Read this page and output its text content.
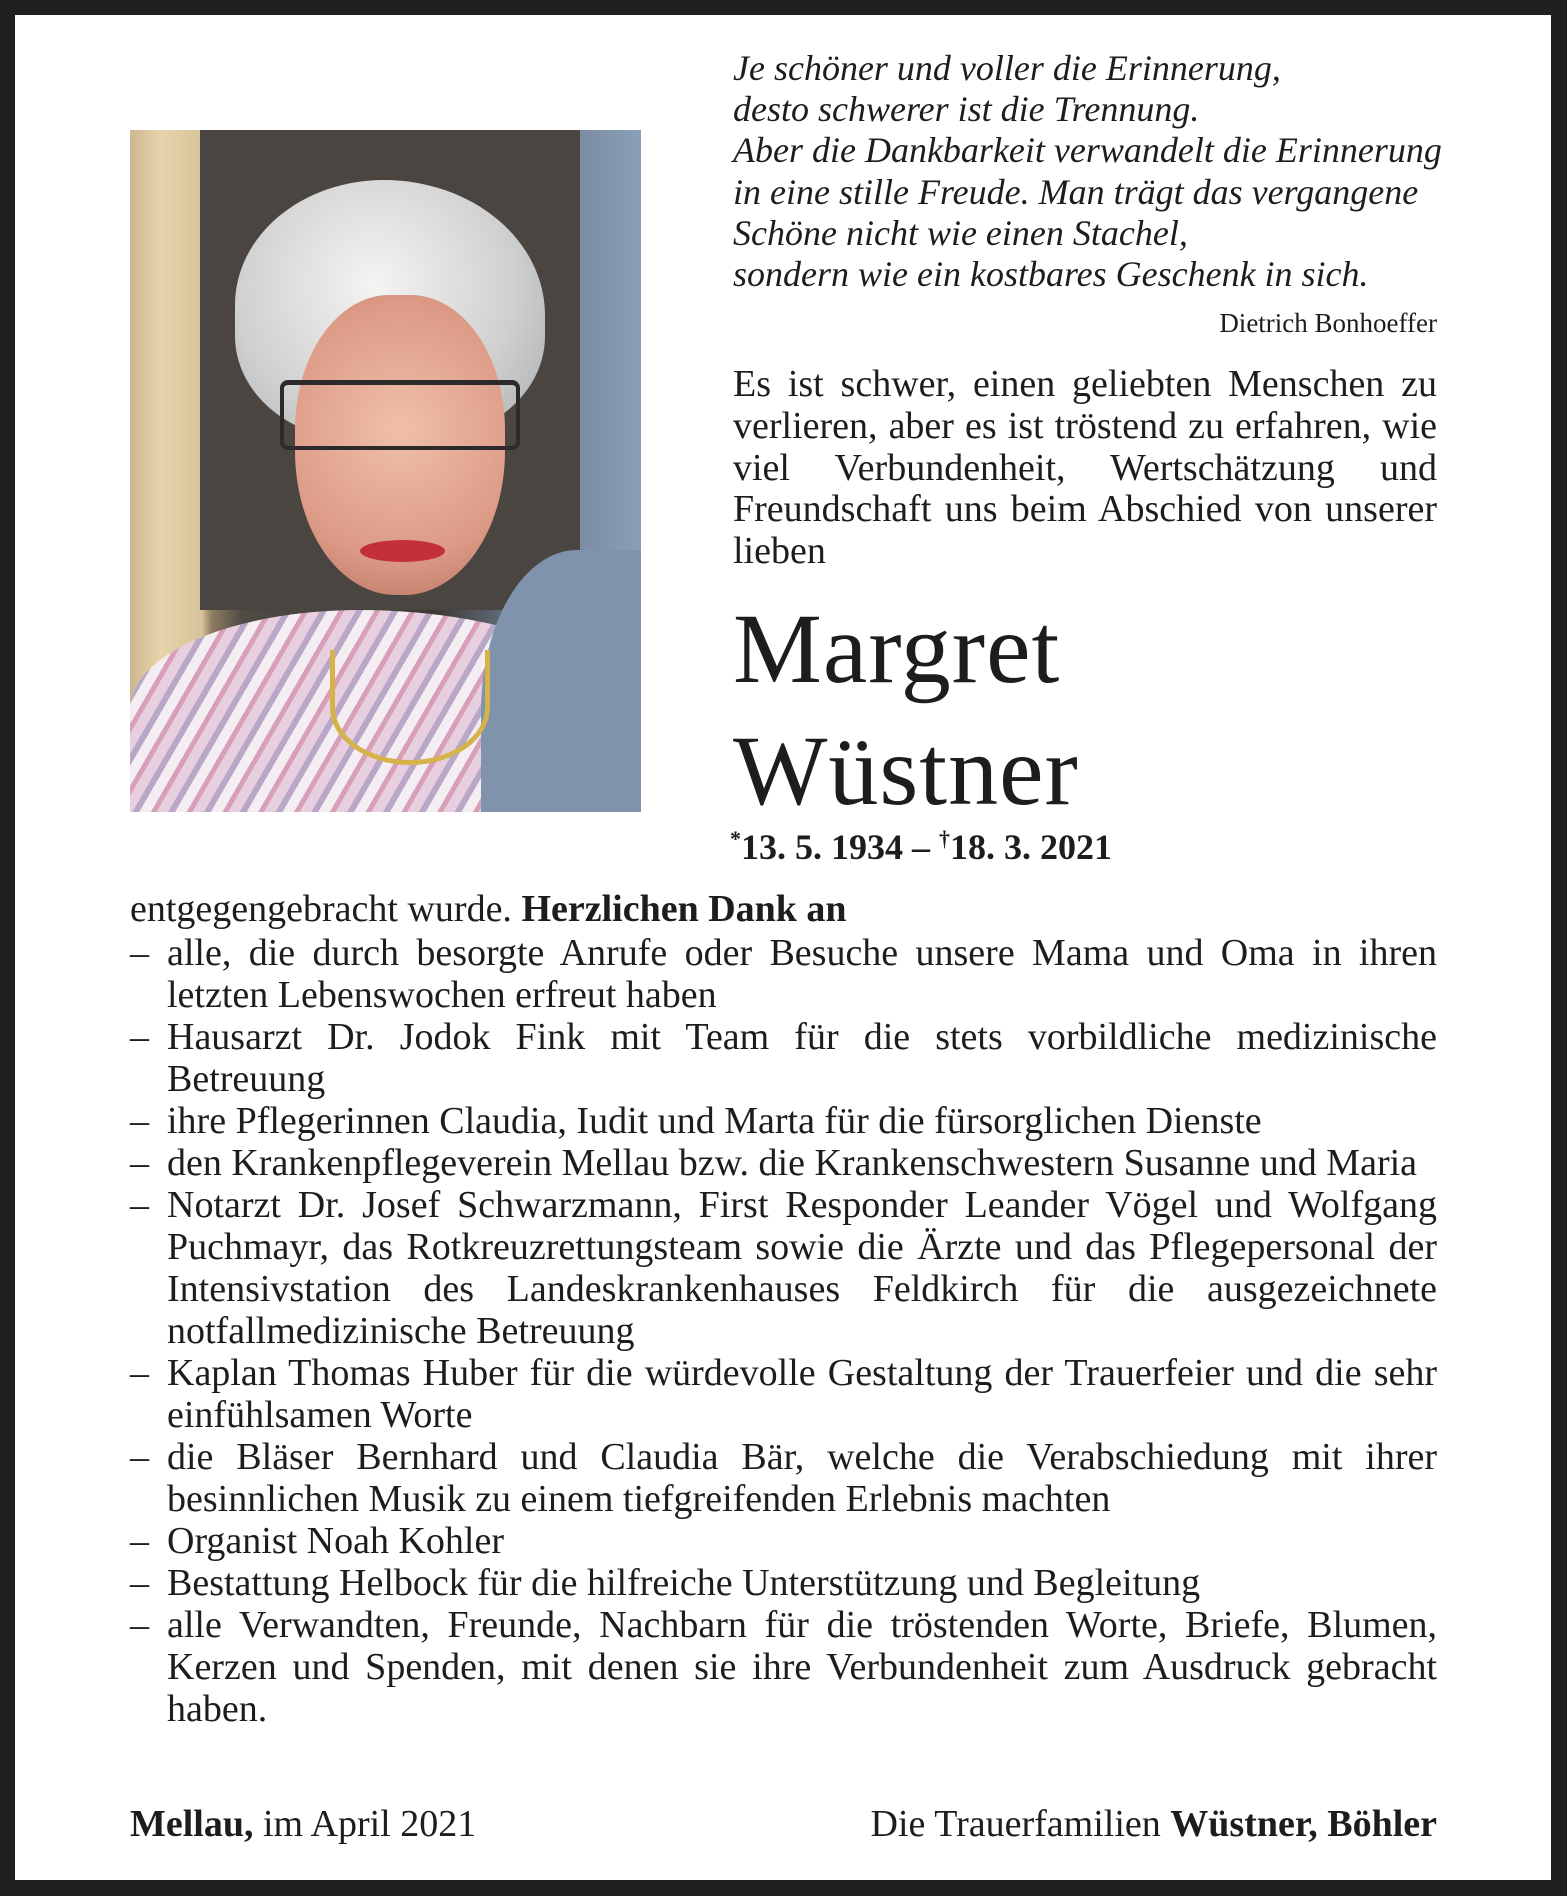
Je schöner und voller die Erinnerung,
desto schwerer ist die Trennung.
Aber die Dankbarkeit verwandelt die Erinnerung
in eine stille Freude. Man trägt das vergangene
Schöne nicht wie einen Stachel,
sondern wie ein kostbares Geschenk in sich.
Dietrich Bonhoeffer
Es ist schwer, einen geliebten Menschen zu verlieren, aber es ist tröstend zu erfahren, wie viel Verbundenheit, Wertschätzung und Freundschaft uns beim Abschied von unserer lieben
Margret
Wüstner
*13. 5. 1934 – †18. 3. 2021
entgegengebracht wurde. Herzlichen Dank an
– alle, die durch besorgte Anrufe oder Besuche unsere Mama und Oma in ihren letzten Lebenswochen erfreut haben
– Hausarzt Dr. Jodok Fink mit Team für die stets vorbildliche medizinische Betreuung
– ihre Pflegerinnen Claudia, Iudit und Marta für die fürsorglichen Dienste
– den Krankenpflegeverein Mellau bzw. die Krankenschwestern Susanne und Maria
– Notarzt Dr. Josef Schwarzmann, First Responder Leander Vögel und Wolfgang Puchmayr, das Rotkreuzrettungsteam sowie die Ärzte und das Pflegepersonal der Intensivstation des Landeskrankenhauses Feldkirch für die ausgezeichnete notfallmedizinische Betreuung
– Kaplan Thomas Huber für die würdevolle Gestaltung der Trauerfeier und die sehr einfühlsamen Worte
– die Bläser Bernhard und Claudia Bär, welche die Verabschiedung mit ihrer besinnlichen Musik zu einem tiefgreifenden Erlebnis machten
– Organist Noah Kohler
– Bestattung Helbock für die hilfreiche Unterstützung und Begleitung
– alle Verwandten, Freunde, Nachbarn für die tröstenden Worte, Briefe, Blumen, Kerzen und Spenden, mit denen sie ihre Verbundenheit zum Ausdruck gebracht haben.
Mellau, im April 2021	Die Trauerfamilien Wüstner, Böhler
